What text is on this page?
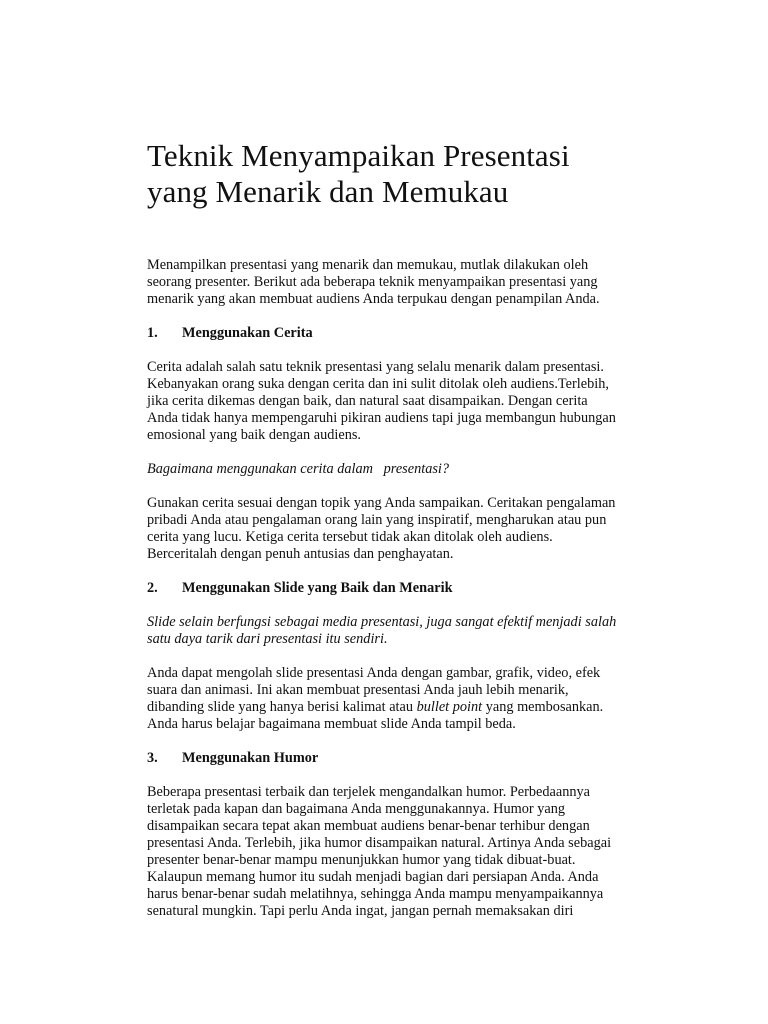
Teknik Menyampaikan Presentasi
yang Menarik dan Memukau

Menampilkan presentasi yang menarik dan memukau, mutlak dilakukan oleh
seorang presenter. Berikut ada beberapa teknik menyampaikan presentasi yang
menarik yang akan membuat audiens Anda terpukau dengan penampilan Anda.

1. Menggunakan Cerita

Cerita adalah salah satu teknik presentasi yang selalu menarik dalam presentasi.
Kebanyakan orang suka dengan cerita dan ini sulit ditolak oleh audiens.Terlebih,
jika cerita dikemas dengan baik, dan natural saat disampaikan. Dengan cerita
Anda tidak hanya mempengaruhi pikiran audiens tapi juga membangun hubungan
emosional yang baik dengan audiens.

Bagaimana menggunakan cerita dalam   presentasi?

Gunakan cerita sesuai dengan topik yang Anda sampaikan. Ceritakan pengalaman
pribadi Anda atau pengalaman orang lain yang inspiratif, mengharukan atau pun
cerita yang lucu. Ketiga cerita tersebut tidak akan ditolak oleh audiens.
Berceritalah dengan penuh antusias dan penghayatan.

2. Menggunakan Slide yang Baik dan Menarik

Slide selain berfungsi sebagai media presentasi, juga sangat efektif menjadi salah
satu daya tarik dari presentasi itu sendiri.

Anda dapat mengolah slide presentasi Anda dengan gambar, grafik, video, efek
suara dan animasi. Ini akan membuat presentasi Anda jauh lebih menarik,
dibanding slide yang hanya berisi kalimat atau bullet point yang membosankan.
Anda harus belajar bagaimana membuat slide Anda tampil beda.

3. Menggunakan Humor

Beberapa presentasi terbaik dan terjelek mengandalkan humor. Perbedaannya
terletak pada kapan dan bagaimana Anda menggunakannya. Humor yang
disampaikan secara tepat akan membuat audiens benar-benar terhibur dengan
presentasi Anda. Terlebih, jika humor disampaikan natural. Artinya Anda sebagai
presenter benar-benar mampu menunjukkan humor yang tidak dibuat-buat.
Kalaupun memang humor itu sudah menjadi bagian dari persiapan Anda. Anda
harus benar-benar sudah melatihnya, sehingga Anda mampu menyampaikannya
senatural mungkin. Tapi perlu Anda ingat, jangan pernah memaksakan diri
